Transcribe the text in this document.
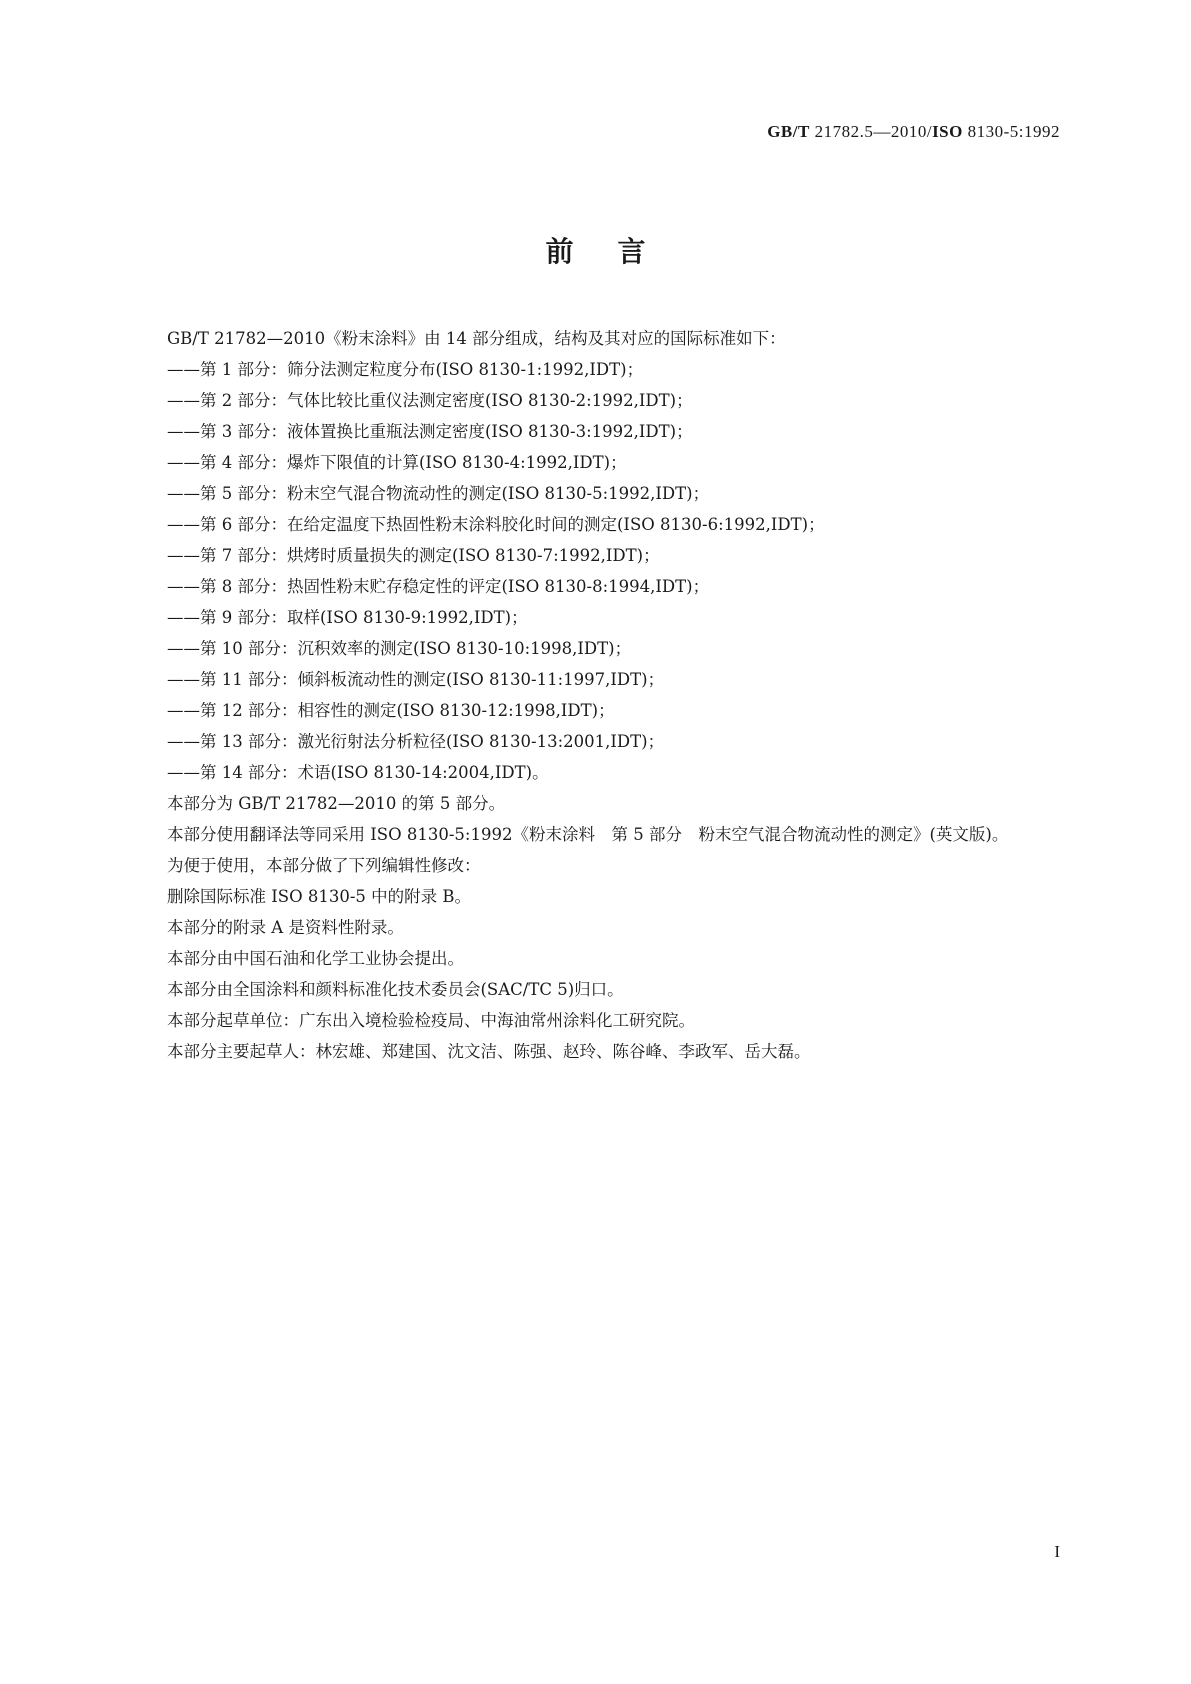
GB/T 21782.5—2010/ISO 8130-5:1992
前言

GB/T 21782—2010《粉末涂料》由 14 部分组成，结构及其对应的国际标准如下：

——第 1 部分：筛分法测定粒度分布(ISO 8130-1:1992,IDT)；
——第 2 部分：气体比较比重仪法测定密度(ISO 8130-2:1992,IDT)；
——第 3 部分：液体置换比重瓶法测定密度(ISO 8130-3:1992,IDT)；
——第 4 部分：爆炸下限值的计算(ISO 8130-4:1992,IDT)；
——第 5 部分：粉末空气混合物流动性的测定(ISO 8130-5:1992,IDT)；
——第 6 部分：在给定温度下热固性粉末涂料胶化时间的测定(ISO 8130-6:1992,IDT)；
——第 7 部分：烘烤时质量损失的测定(ISO 8130-7:1992,IDT)；
——第 8 部分：热固性粉末贮存稳定性的评定(ISO 8130-8:1994,IDT)；
——第 9 部分：取样(ISO 8130-9:1992,IDT)；
——第 10 部分：沉积效率的测定(ISO 8130-10:1998,IDT)；
——第 11 部分：倾斜板流动性的测定(ISO 8130-11:1997,IDT)；
——第 12 部分：相容性的测定(ISO 8130-12:1998,IDT)；
——第 13 部分：激光衍射法分析粒径(ISO 8130-13:2001,IDT)；
——第 14 部分：术语(ISO 8130-14:2004,IDT)。

本部分为 GB/T 21782—2010 的第 5 部分。

本部分使用翻译法等同采用 ISO 8130-5:1992《粉末涂料　第 5 部分　粉末空气混合物流动性的测定》(英文版)。

为便于使用，本部分做了下列编辑性修改：

删除国际标准 ISO 8130-5 中的附录 B。

本部分的附录 A 是资料性附录。

本部分由中国石油和化学工业协会提出。

本部分由全国涂料和颜料标准化技术委员会(SAC/TC 5)归口。

本部分起草单位：广东出入境检验检疫局、中海油常州涂料化工研究院。

本部分主要起草人：林宏雄、郑建国、沈文洁、陈强、赵玲、陈谷峰、李政军、岳大磊。

I
